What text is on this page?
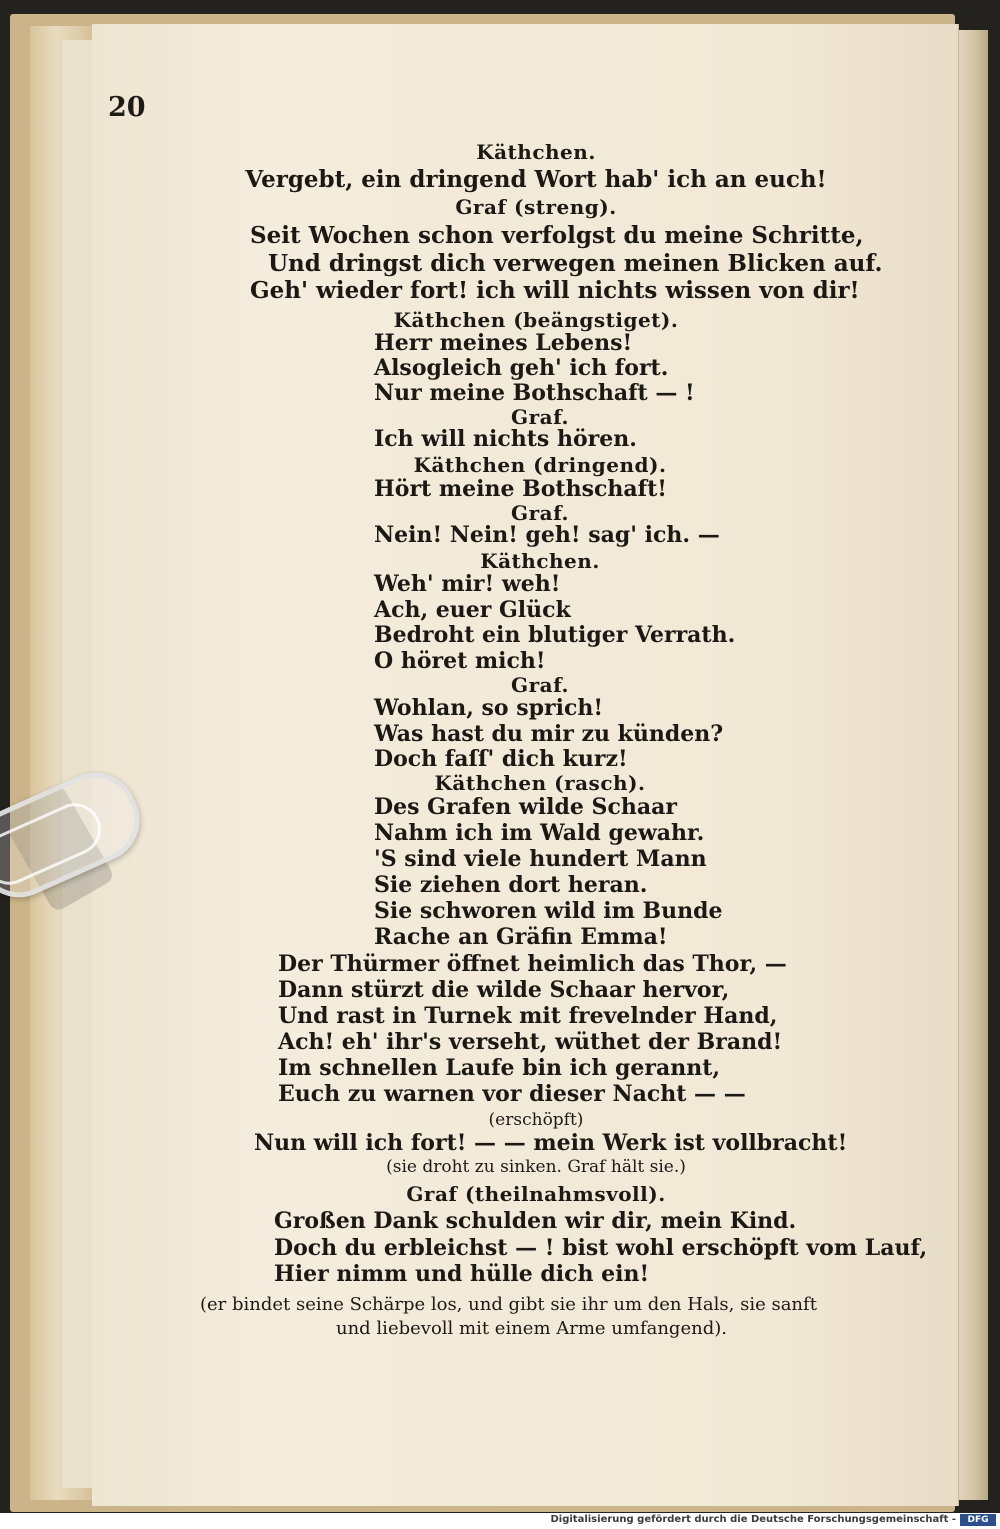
20
Käthchen.
Vergebt, ein dringend Wort hab' ich an euch!
Graf (streng).
Seit Wochen schon verfolgst du meine Schritte,
Und dringst dich verwegen meinen Blicken auf.
Geh' wieder fort! ich will nichts wissen von dir!
Käthchen (beängstiget).
Herr meines Lebens!
Alsogleich geh' ich fort.
Nur meine Bothschaft — !
Graf.
Ich will nichts hören.
Käthchen (dringend).
Hört meine Bothschaft!
Graf.
Nein! Nein! geh! sag' ich. —
Käthchen.
Weh' mir! weh!
Ach, euer Glück
Bedroht ein blutiger Verrath.
O höret mich!
Graf.
Wohlan, so sprich!
Was hast du mir zu künden?
Doch faſſ' dich kurz!
Käthchen (rasch).
Des Grafen wilde Schaar
Nahm ich im Wald gewahr.
'S sind viele hundert Mann
Sie ziehen dort heran.
Sie schworen wild im Bunde
Rache an Gräfin Emma!
Der Thürmer öffnet heimlich das Thor, —
Dann stürzt die wilde Schaar hervor,
Und rast in Turnek mit frevelnder Hand,
Ach! eh' ihr's verseht, wüthet der Brand!
Im schnellen Laufe bin ich gerannt,
Euch zu warnen vor dieser Nacht — —
(erschöpft)
Nun will ich fort! — — mein Werk ist vollbracht!
(sie droht zu sinken. Graf hält sie.)
Graf (theilnahmsvoll).
Großen Dank schulden wir dir, mein Kind.
Doch du erbleichst — ! bist wohl erschöpft vom Lauf,
Hier nimm und hülle dich ein!
(er bindet seine Schärpe los, und gibt sie ihr um den Hals, sie sanft
und liebevoll mit einem Arme umfangend).
Digitalisierung gefördert durch die Deutsche Forschungsgemeinschaft -	DFG
